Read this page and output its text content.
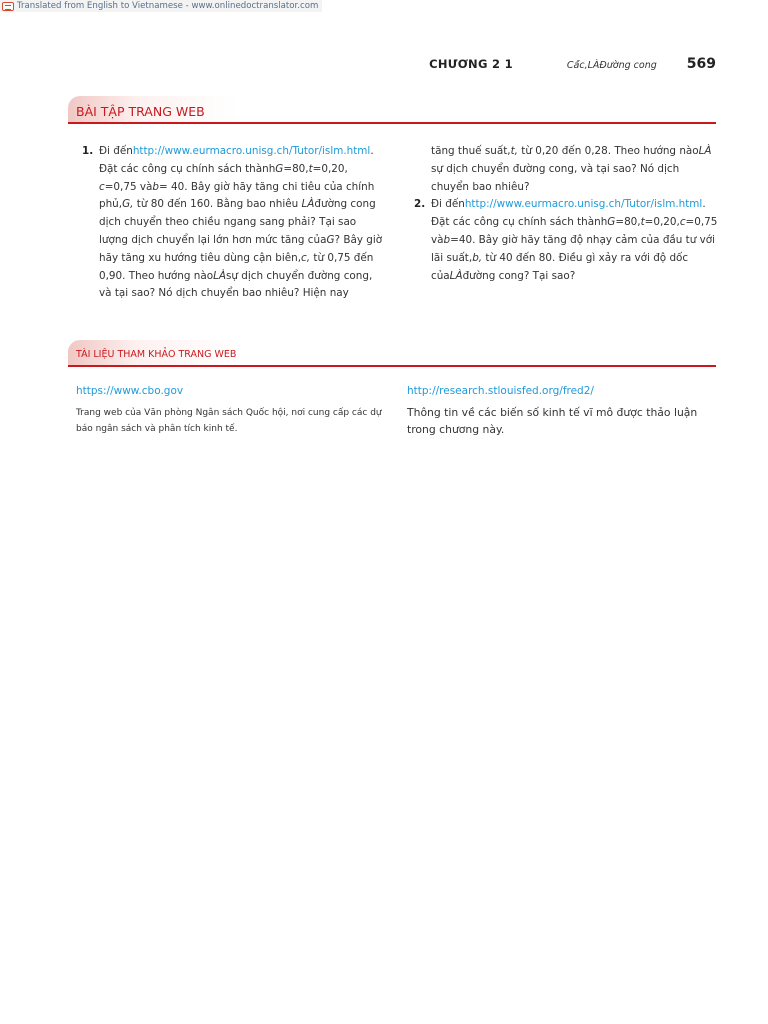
Translated from English to Vietnamese - www.onlinedoctranslator.com
CHƯƠNG 2 1	Cá́c,LÀĐường cong 569
BÀI TẬP TRANG WEB
1. Đi đếnhttp://www.eurmacro.unisg.ch/Tutor/islm.html. Đặt các công cụ chính sách thànhG=80,t=0,20, c=0,75 vàb= 40. Bây giờ hãy tăng chi tiêu của chính phủ,G, từ 80 đến 160. Bằng bao nhiêu LÀđường cong dịch chuyển theo chiều ngang sang phải? Tại sao lượng dịch chuyển lại lớn hơn mức tăng củaG? Bây giờ hãy tăng xu hướng tiêu dùng cận biên,c, từ 0,75 đến 0,90. Theo hướng nàoLÀsự dịch chuyển đường cong, và tại sao? Nó dịch chuyển bao nhiêu? Hiện nay
tăng thuế suất,t, từ 0,20 đến 0,28. Theo hướng nàoLÀ sự dịch chuyển đường cong, và tại sao? Nó dịch chuyển bao nhiêu?
2. Đi đếnhttp://www.eurmacro.unisg.ch/Tutor/islm.html. Đặt các công cụ chính sách thànhG=80,t=0,20,c=0,75 vàb=40. Bây giờ hãy tăng độ nhạy cảm của đầu tư với lãi suất,b, từ 40 đến 80. Điều gì xảy ra với độ dốc củaLÀđường cong? Tại sao?
TÀI LIỆU THAM KHẢO TRANG WEB
https://www.cbo.gov
Trang web của Văn phòng Ngân sách Quốc hội, nơi cung cấp các dự báo ngân sách và phân tích kinh tế.
http://research.stlouisfed.org/fred2/
Thông tin về các biến số kinh tế vĩ mô được thảo luận trong chương này.
